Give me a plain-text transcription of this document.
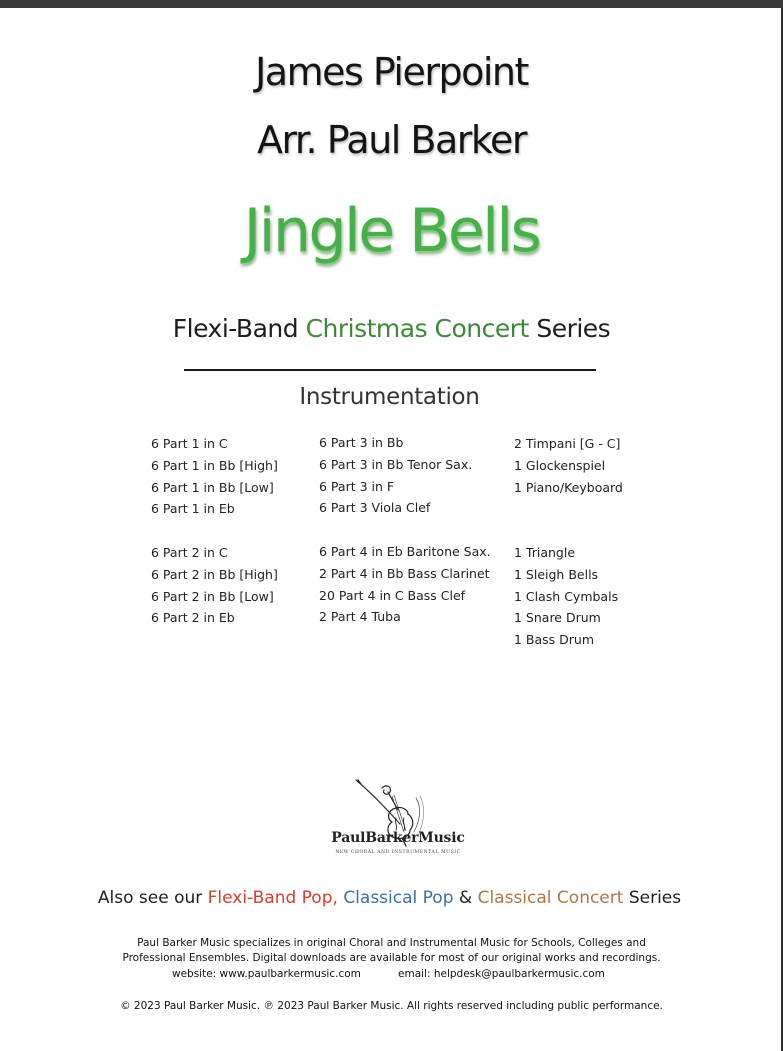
James Pierpoint
Arr. Paul Barker
Jingle Bells
Flexi-Band Christmas Concert Series
Instrumentation
6 Part 1 in C
6 Part 1 in Bb [High]
6 Part 1 in Bb [Low]
6 Part 1 in Eb
6 Part 2 in C
6 Part 2 in Bb [High]
6 Part 2 in Bb [Low]
6 Part 2 in Eb
6 Part 3 in Bb
6 Part 3 in Bb Tenor Sax.
6 Part 3 in F
6 Part 3 Viola Clef
6 Part 4 in Eb Baritone Sax.
2 Part 4 in Bb Bass Clarinet
20 Part 4 in C Bass Clef
2 Part 4 Tuba
2 Timpani [G - C]
1 Glockenspiel
1 Piano/Keyboard
1 Triangle
1 Sleigh Bells
1 Clash Cymbals
1 Snare Drum
1 Bass Drum
PaulBarkerMusic
NEW CHORAL AND INSTRUMENTAL MUSIC
Also see our Flexi-Band Pop, Classical Pop & Classical Concert Series
Paul Barker Music specializes in original Choral and Instrumental Music for Schools, Colleges and
Professional Ensembles. Digital downloads are available for most of our original works and recordings.
website: www.paulbarkermusic.com	email: helpdesk@paulbarkermusic.com
© 2023 Paul Barker Music. ℗ 2023 Paul Barker Music. All rights reserved including public performance.
